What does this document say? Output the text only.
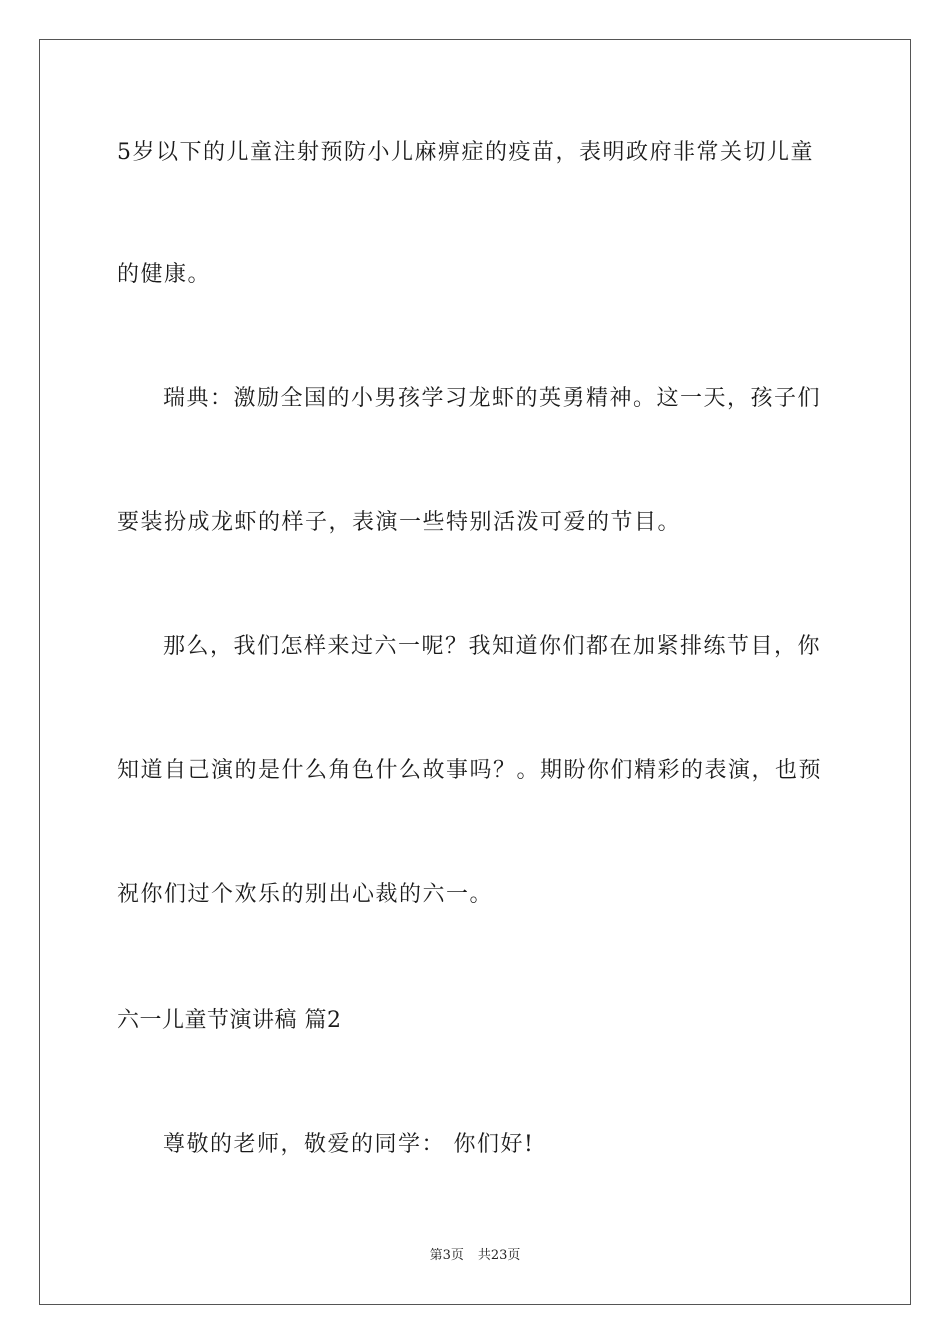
5岁以下的儿童注射预防小儿麻痹症的疫苗，表明政府非常关切儿童
的健康。
瑞典：激励全国的小男孩学习龙虾的英勇精神。这一天，孩子们
要装扮成龙虾的样子，表演一些特别活泼可爱的节目。
那么，我们怎样来过六一呢？我知道你们都在加紧排练节目，你
知道自己演的是什么角色什么故事吗？。期盼你们精彩的表演，也预
祝你们过个欢乐的别出心裁的六一。
六一儿童节演讲稿 篇2
尊敬的老师，敬爱的同学： 你们好!
第3页 共23页
